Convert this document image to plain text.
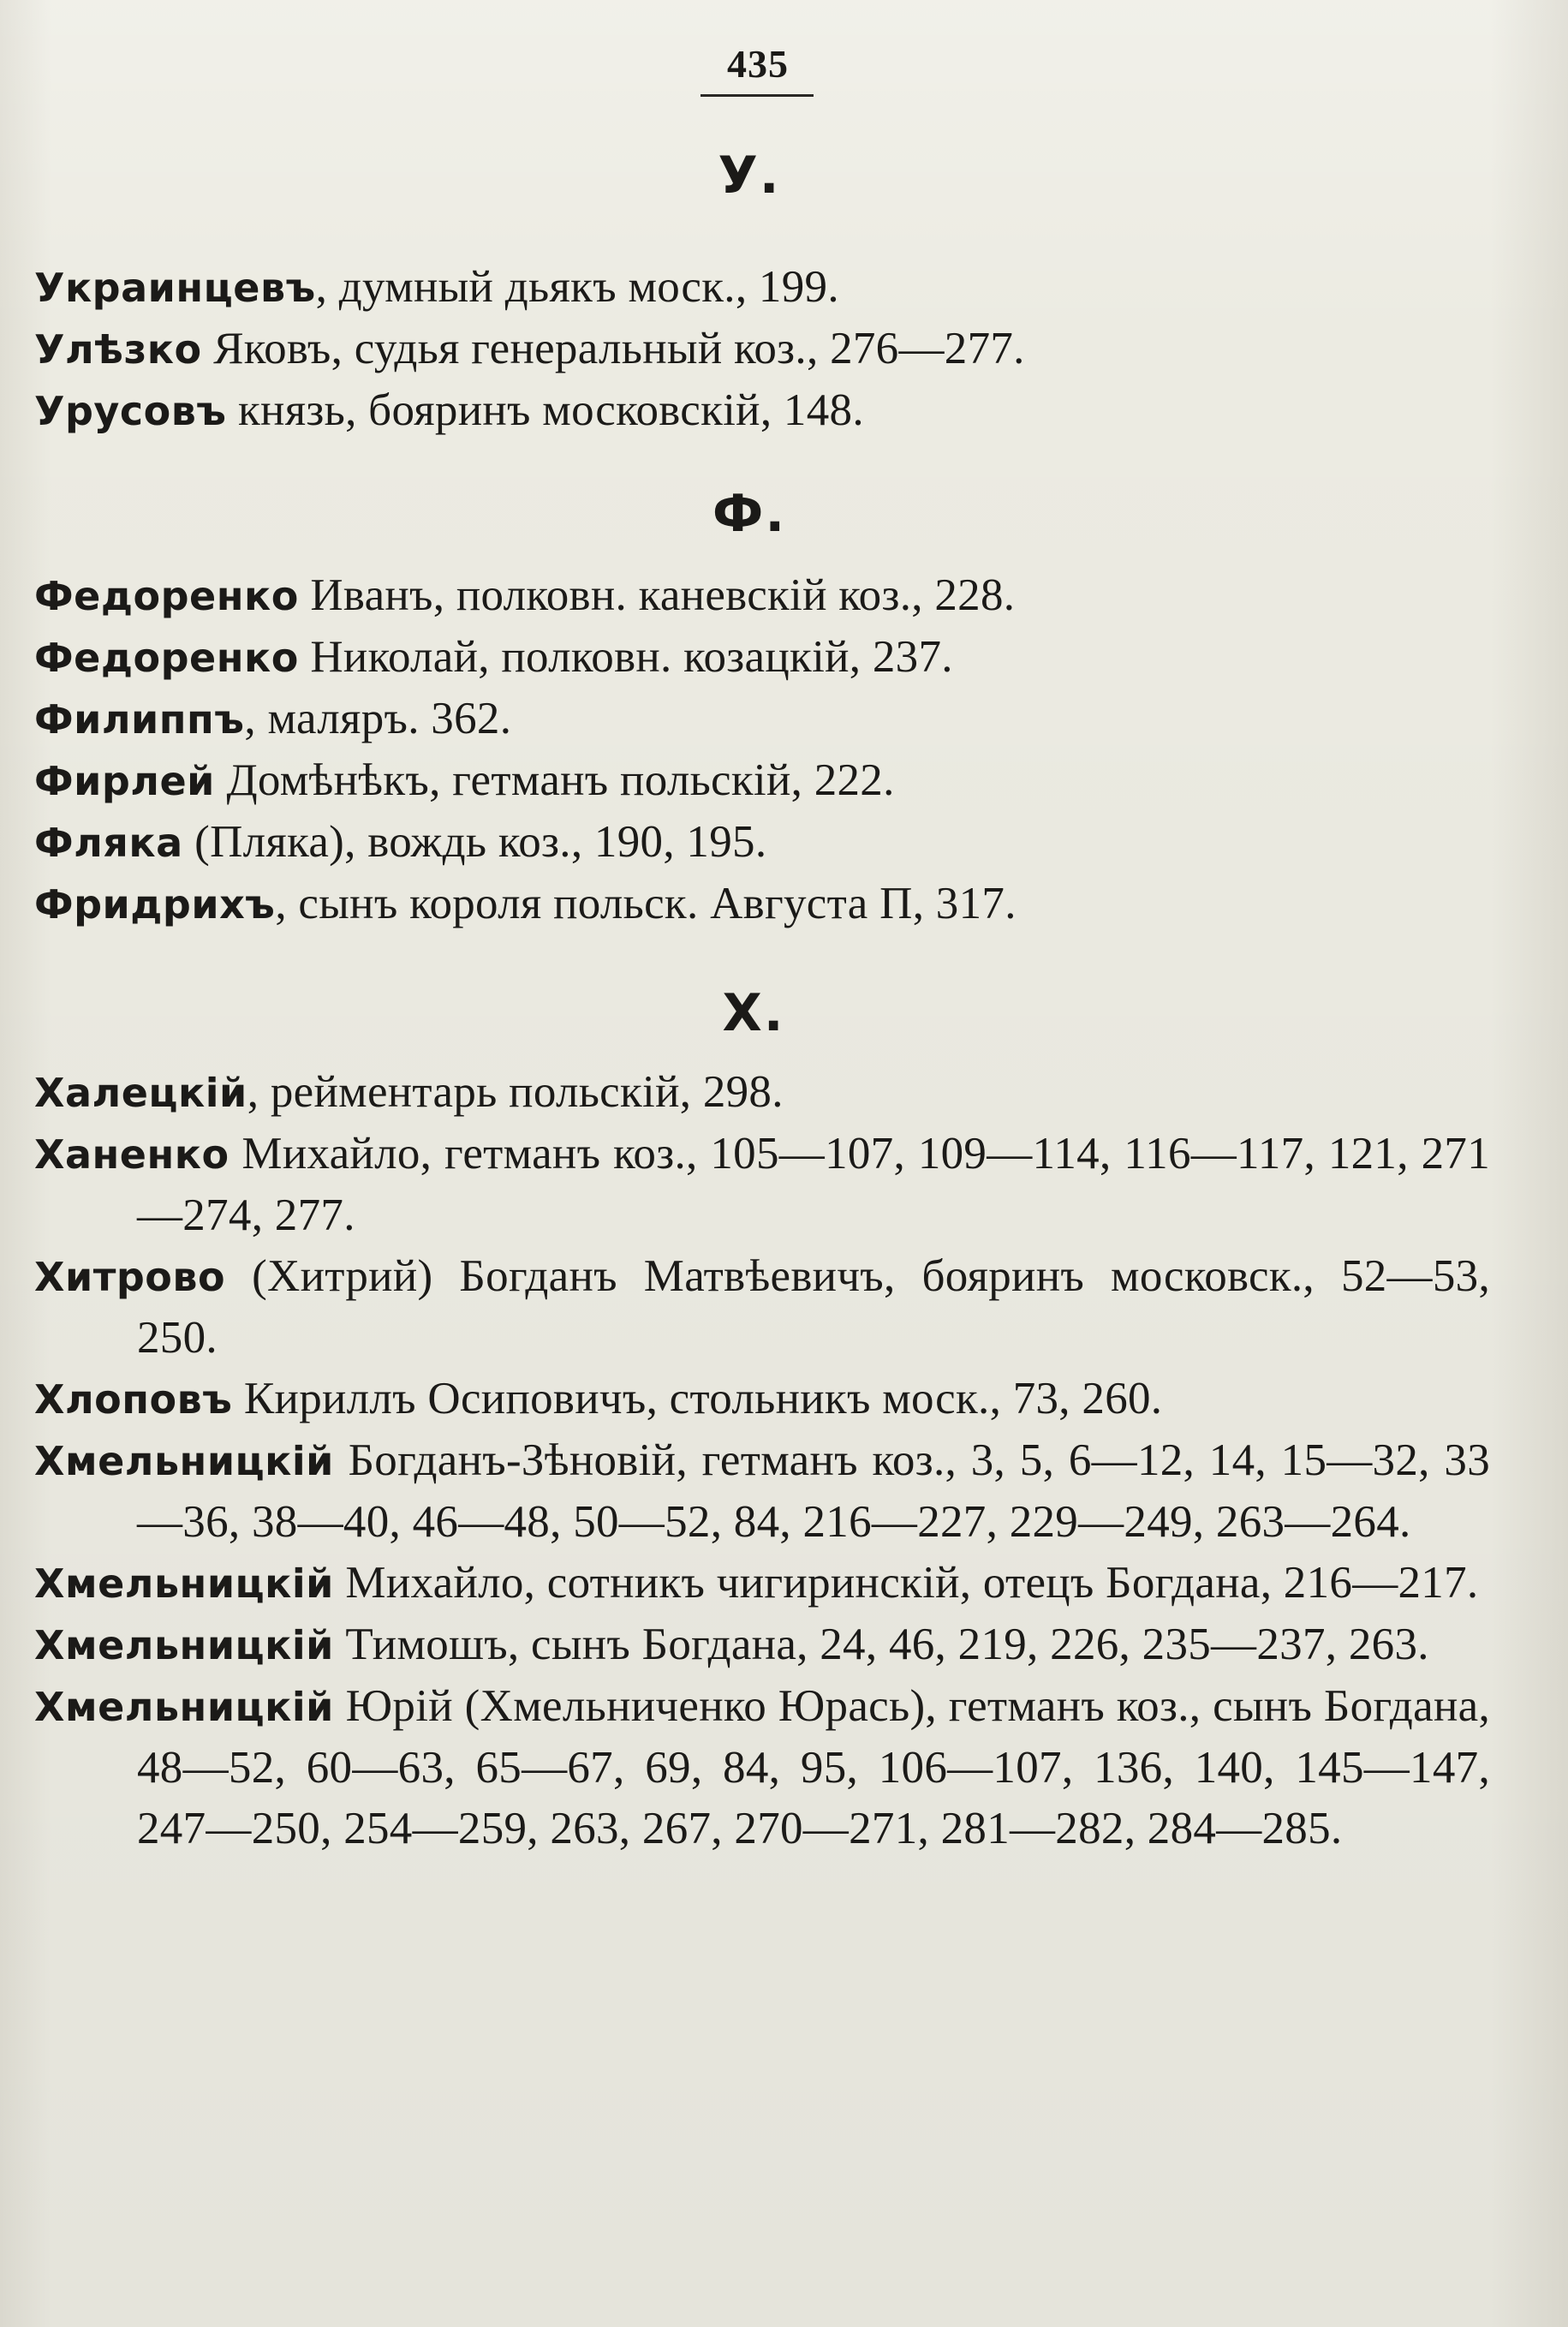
435
У.
Украинцевъ, думный дьякъ моск., 199.
Улѣзко Яковъ, судья генеральный коз., 276—277.
Урусовъ князь, бояринъ московскій, 148.
Ф.
Федоренко Иванъ, полковн. каневскій коз., 228.
Федоренко Николай, полковн. козацкій, 237.
Филиппъ, маляръ. 362.
Фирлей Домѣнѣкъ, гетманъ польскій, 222.
Фляка (Пляка), вождь коз., 190, 195.
Фридрихъ, сынъ короля польск. Августа П, 317.
Х.
Халецкій, рейментарь польскій, 298.
Ханенко Михайло, гетманъ коз., 105—107, 109—114, 116—117, 121, 271—274, 277.
Хитрово (Хитрий) Богданъ Матвѣевичъ, бояринъ московск., 52—53, 250.
Хлоповъ Кириллъ Осиповичъ, стольникъ моск., 73, 260.
Хмельницкій Богданъ-Зѣновій, гетманъ коз., 3, 5, 6—12, 14, 15—32, 33—36, 38—40, 46—48, 50—52, 84, 216—227, 229—249, 263—264.
Хмельницкій Михайло, сотникъ чигиринскій, отецъ Богдана, 216—217.
Хмельницкій Тимошъ, сынъ Богдана, 24, 46, 219, 226, 235—237, 263.
Хмельницкій Юрій (Хмельниченко Юрась), гетманъ коз., сынъ Богдана, 48—52, 60—63, 65—67, 69, 84, 95, 106—107, 136, 140, 145—147, 247—250, 254—259, 263, 267, 270—271, 281—282, 284—285.
